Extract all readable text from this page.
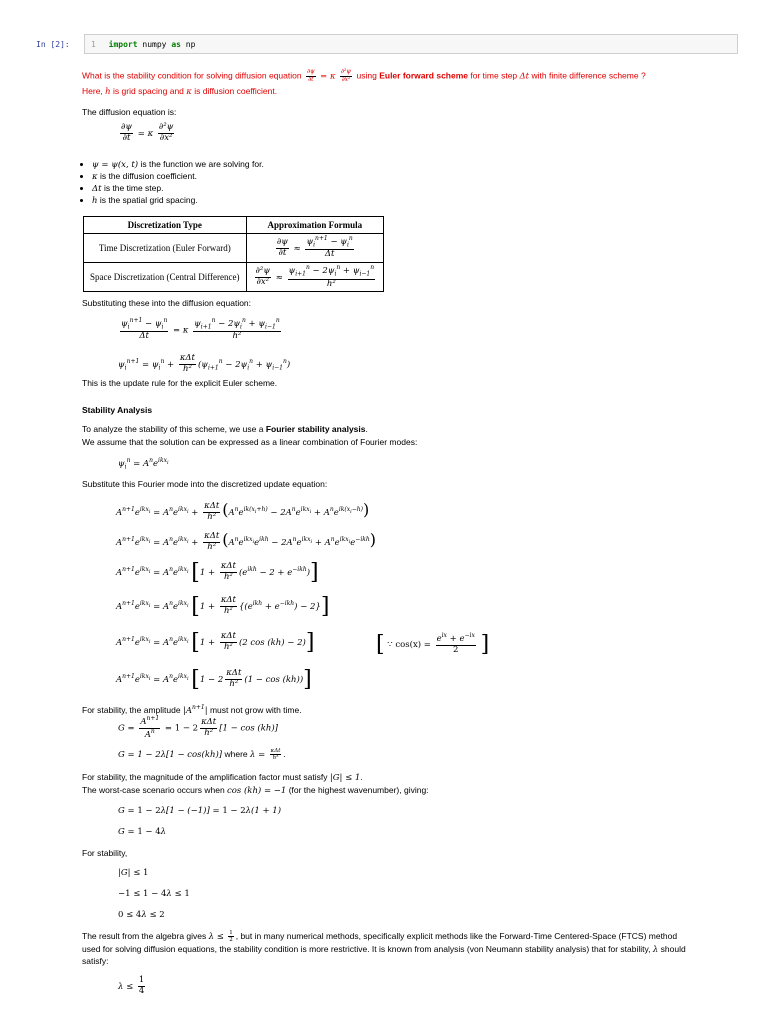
In [2]:	1 import numpy as np
What is the stability condition for solving diffusion equation $\frac{\partial\psi}{\partial t} = \kappa \frac{\text{∂²ψ}}{\text{∂x²}}$ using Euler forward scheme for time step Δt with finite difference scheme ?
Here, h is grid spacing and κ is diffusion coefficient.
The diffusion equation is:
$\frac{\partial\psi}{\partial t} = \kappa \frac{\text{∂²ψ}}{\text{∂x²}}$
• ψ = ψ(x, t) is the function we are solving for.
• κ is the diffusion coefficient.
• Δt is the time step.
• h is the spatial grid spacing.
Discretization Type	Approximation Formula
Time Discretization (Euler Forward)	$\frac{\partial\psi}{\partial t} \approx \frac{\psi_i^{n+1} - \psi_i^n}{\Delta t}$

Space Discretization (Central Difference)	$\frac{\text{∂²ψ}}{\text{∂x²}} \approx \frac{\psi_{i+1}^n - 2\psi_i^n + \psi_{i-1}^n}{\text{h²}}$
Substituting these into the diffusion equation:
$\frac{\psi_i^{n+1} - \psi_i^n}{\Delta t} = \kappa \frac{\psi_{i+1}^n - 2\psi_i^n + \psi_{i-1}^n}{\text{h²}}$
$\psi_i^{n+1} = \psi_i^n + \frac{\text{κΔt}}{\text{h²}} (\psi_{i+1}^n - 2\psi_i^n + \psi_{i-1}^n)$
This is the update rule for the explicit Euler scheme.
Stability Analysis
To analyze the stability of this scheme, we use a Fourier stability analysis.
We assume that the solution can be expressed as a linear combination of Fourier modes:
$\psi_i^n = A^ne^{ikx_i}$
Substitute this Fourier mode into the discretized update equation:
$A^{n+1}e^{ikx_i} = A^ne^{ikx_i} + \frac{\text{κΔt}}{\text{h²}} (A^ne^{ik(x_i+h)} - 2A^ne^{ikx_i} + A^ne^{ik(x_i-h)})$
$A^{n+1}e^{ikx_i} = A^ne^{ikx_i} + \frac{\text{κΔt}}{\text{h²}} (A^ne^{ikx_i}e^{ikh} - 2A^ne^{ikx_i} + A^ne^{ikx_i}e^{-ikh})$
$A^{n+1}e^{ikx_i} = A^ne^{ikx_i}$ $[1 + \frac{\text{κΔt}}{\text{h²}} (e^{ikh} - 2 + e^{-ikh})]$
$A^{n+1}e^{ikx_i} = A^ne^{ikx_i}$ $[1 + \frac{\text{κΔt}}{\text{h²}} \{(e^{ikh} + e^{-ikh}) - 2\}]$
$A^{n+1}e^{ikx_i} = A^ne^{ikx_i}$ [$1 + \frac{\text{κΔt}}{\text{h²}} (2$ cos (kh) − 2)]	[ ∵ $\cos(x) = \frac{e^{ix} + e^{-ix}}{2}$ ]
$A^{n+1}e^{ikx_i} = A^ne^{ikx_i}$ $[1 - 2 \frac{\text{κΔt}}{\text{h²}} (1 - \cos (kh))]$
For stability, the amplitude $|A^{n+1}|$ must not grow with time.
$G = \frac{A^{n+1}}{A^n} = 1 - 2 \frac{\text{κΔt}}{\text{h²}} [1 - \cos (kh)]$
G = 1 − 2λ[1 − cos(kh)] where $\lambda = \frac{\text{κΔt}}{\text{h²}}$ .
For stability, the magnitude of the amplification factor must satisfy |G| ≤ 1.
The worst-case scenario occurs when cos (kh) = −1 (for the highest wavenumber), giving:
G = 1 − 2λ[1 − (−1)] = 1 − 2λ(1 + 1)
G = 1 − 4λ
For stability,
|G| ≤ 1
−1 ≤ 1 − 4λ ≤ 1
0 ≤ 4λ ≤ 2
The result from the algebra gives $\lambda \le \frac{1}{2}$ , but in many numerical methods, specifically explicit methods like the Forward-Time Centered-Space (FTCS) method
used for solving diffusion equations, the stability condition is more restrictive. It is known from analysis (von Neumann stability analysis) that for stability, λ should
satisfy:
$\lambda \le \frac{1}{4}$
